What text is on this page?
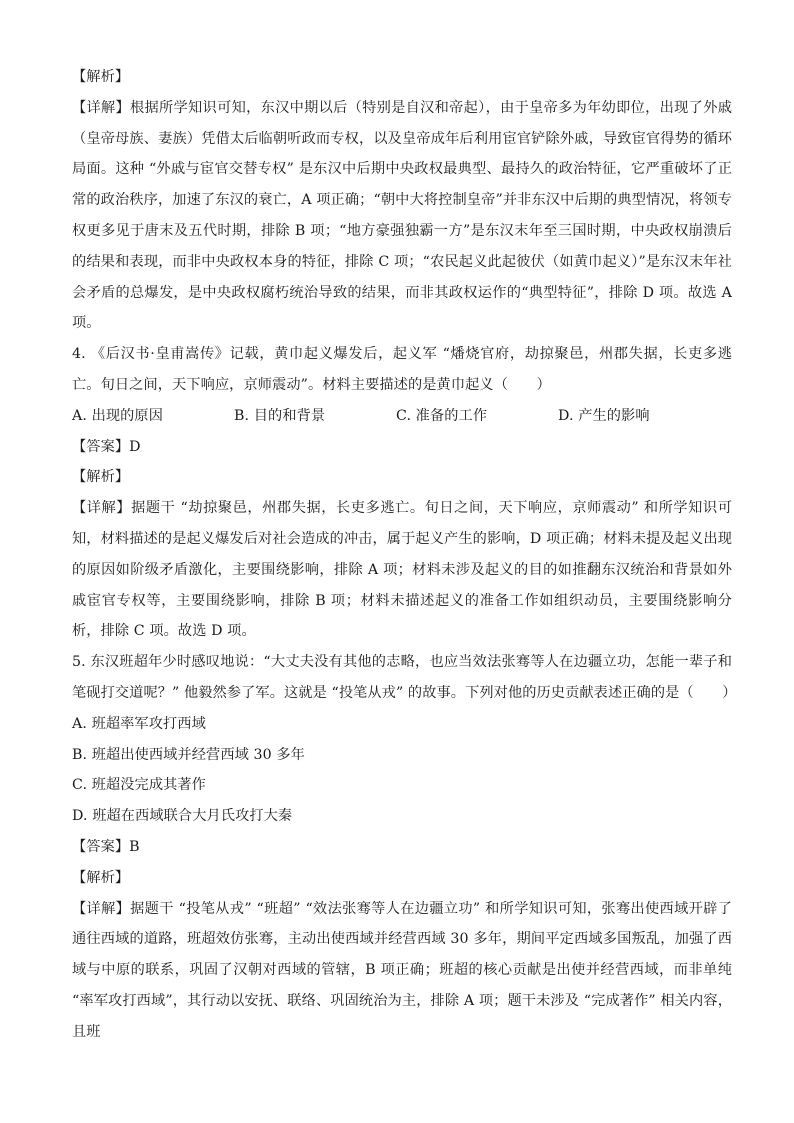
【解析】

【详解】根据所学知识可知，东汉中期以后（特别是自汉和帝起），由于皇帝多为年幼即位，出现了外戚（皇帝母族、妻族）凭借太后临朝听政而专权，以及皇帝成年后利用宦官铲除外戚，导致宦官得势的循环局面。这种 “外戚与宦官交替专权” 是东汉中后期中央政权最典型、最持久的政治特征，它严重破坏了正常的政治秩序，加速了东汉的衰亡，A 项正确；“朝中大将控制皇帝”并非东汉中后期的典型情况，将领专权更多见于唐末及五代时期，排除 B 项；“地方豪强独霸一方”是东汉末年至三国时期，中央政权崩溃后的结果和表现，而非中央政权本身的特征，排除 C 项；“农民起义此起彼伏（如黄巾起义）”是东汉末年社会矛盾的总爆发，是中央政权腐朽统治导致的结果，而非其政权运作的“典型特征”，排除 D 项。故选 A 项。

4. 《后汉书·皇甫嵩传》记载，黄巾起义爆发后，起义军 “燔烧官府，劫掠聚邑，州郡失据，长吏多逃亡。旬日之间，天下响应，京师震动”。材料主要描述的是黄巾起义（　　）

A. 出现的原因	B. 目的和背景	C. 准备的工作	D. 产生的影响

【答案】D

【解析】

【详解】据题干 “劫掠聚邑，州郡失据，长吏多逃亡。旬日之间，天下响应，京师震动” 和所学知识可知，材料描述的是起义爆发后对社会造成的冲击，属于起义产生的影响，D 项正确；材料未提及起义出现的原因如阶级矛盾激化，主要围绕影响，排除 A 项；材料未涉及起义的目的如推翻东汉统治和背景如外戚宦官专权等，主要围绕影响，排除 B 项；材料未描述起义的准备工作如组织动员，主要围绕影响分析，排除 C 项。故选 D 项。

5. 东汉班超年少时感叹地说：“大丈夫没有其他的志略，也应当效法张骞等人在边疆立功，怎能一辈子和笔砚打交道呢？” 他毅然参了军。这就是 “投笔从戎” 的故事。下列对他的历史贡献表述正确的是（　　）

A. 班超率军攻打西域

B. 班超出使西域并经营西域 30 多年

C. 班超没完成其著作

D. 班超在西域联合大月氏攻打大秦

【答案】B

【解析】

【详解】据题干 “投笔从戎” “班超” “效法张骞等人在边疆立功” 和所学知识可知，张骞出使西域开辟了通往西域的道路，班超效仿张骞，主动出使西域并经营西域 30 多年，期间平定西域多国叛乱，加强了西域与中原的联系，巩固了汉朝对西域的管辖，B 项正确；班超的核心贡献是出使并经营西域，而非单纯 “率军攻打西域”，其行动以安抚、联络、巩固统治为主，排除 A 项；题干未涉及 “完成著作” 相关内容，且班
